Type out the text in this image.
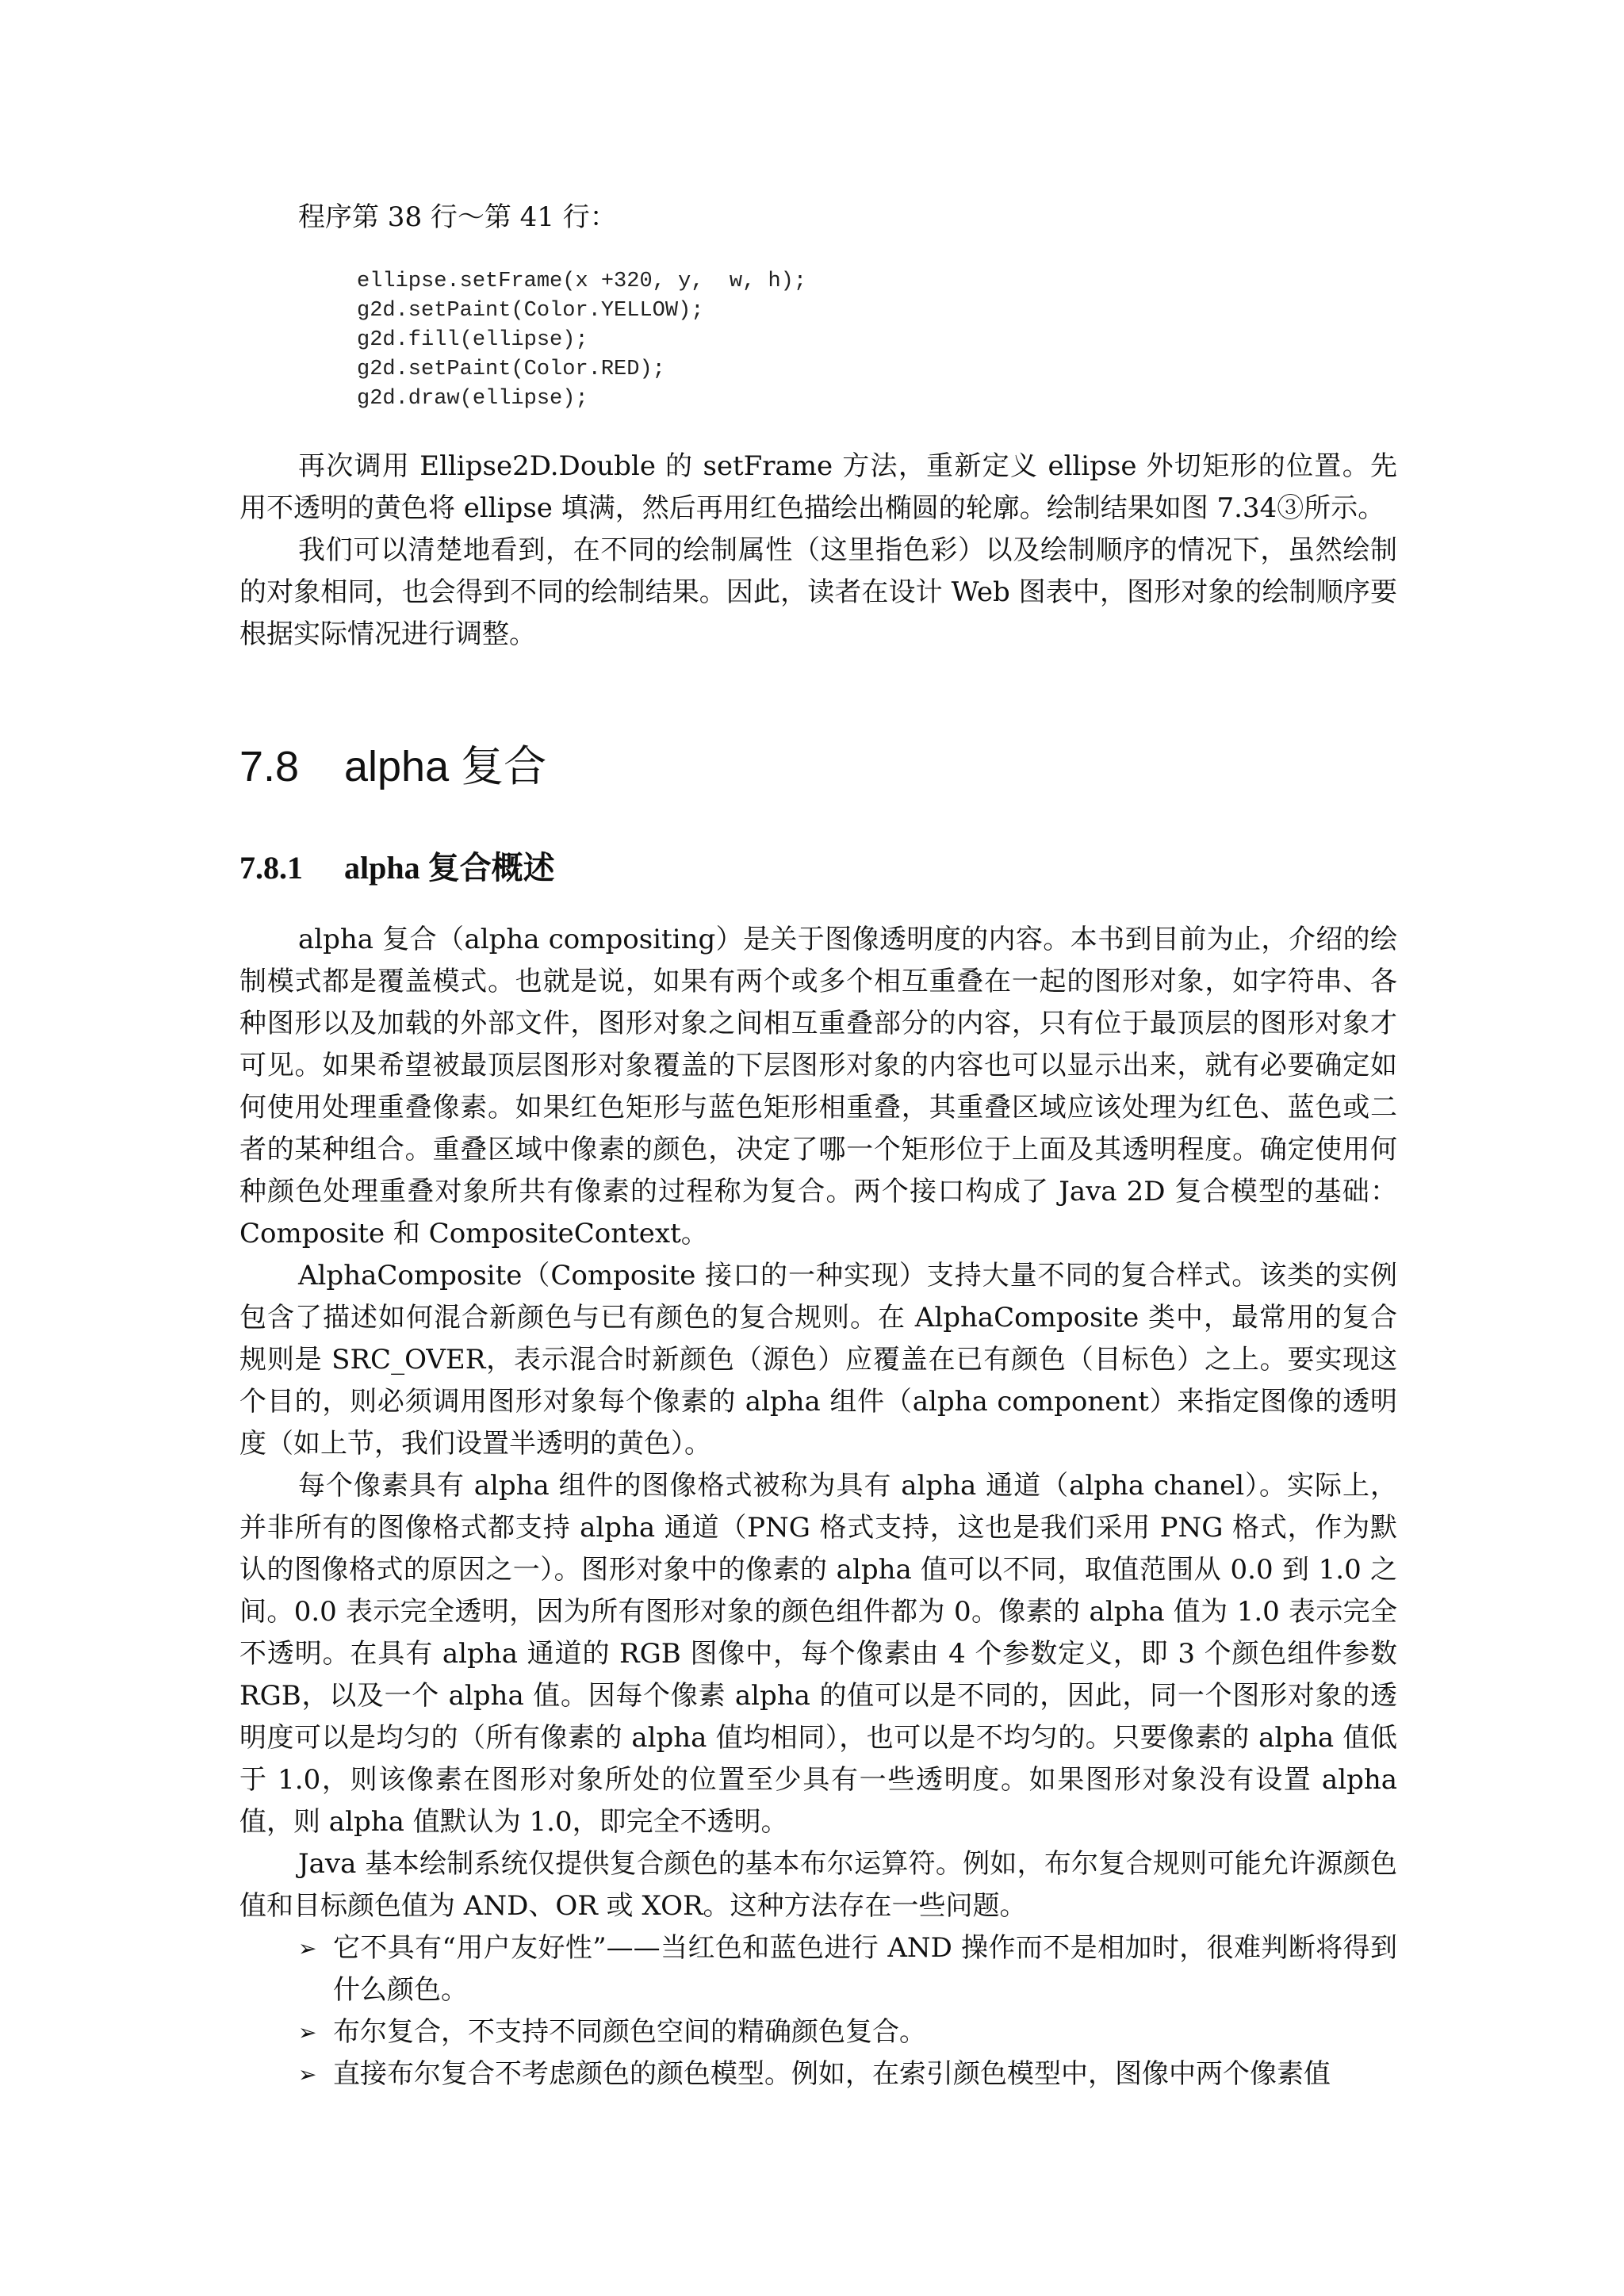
程序第 38 行～第 41 行：

ellipse.setFrame(x +320, y,  w, h);
g2d.setPaint(Color.YELLOW);
g2d.fill(ellipse);
g2d.setPaint(Color.RED);
g2d.draw(ellipse);

再次调用 Ellipse2D.Double 的 setFrame 方法，重新定义 ellipse 外切矩形的位置。先用不透明的黄色将 ellipse 填满，然后再用红色描绘出椭圆的轮廓。绘制结果如图 7.34③所示。

我们可以清楚地看到，在不同的绘制属性（这里指色彩）以及绘制顺序的情况下，虽然绘制的对象相同，也会得到不同的绘制结果。因此，读者在设计 Web 图表中，图形对象的绘制顺序要根据实际情况进行调整。

7.8 alpha 复合
7.8.1 alpha 复合概述

alpha 复合（alpha compositing）是关于图像透明度的内容。本书到目前为止，介绍的绘制模式都是覆盖模式。也就是说，如果有两个或多个相互重叠在一起的图形对象，如字符串、各种图形以及加载的外部文件，图形对象之间相互重叠部分的内容，只有位于最顶层的图形对象才可见。如果希望被最顶层图形对象覆盖的下层图形对象的内容也可以显示出来，就有必要确定如何使用处理重叠像素。如果红色矩形与蓝色矩形相重叠，其重叠区域应该处理为红色、蓝色或二者的某种组合。重叠区域中像素的颜色，决定了哪一个矩形位于上面及其透明程度。确定使用何种颜色处理重叠对象所共有像素的过程称为复合。两个接口构成了 Java 2D 复合模型的基础：Composite 和 CompositeContext。

AlphaComposite（Composite 接口的一种实现）支持大量不同的复合样式。该类的实例包含了描述如何混合新颜色与已有颜色的复合规则。在 AlphaComposite 类中，最常用的复合规则是 SRC_OVER，表示混合时新颜色（源色）应覆盖在已有颜色（目标色）之上。要实现这个目的，则必须调用图形对象每个像素的 alpha 组件（alpha component）来指定图像的透明度（如上节，我们设置半透明的黄色）。

每个像素具有 alpha 组件的图像格式被称为具有 alpha 通道（alpha chanel）。实际上，并非所有的图像格式都支持 alpha 通道（PNG 格式支持，这也是我们采用 PNG 格式，作为默认的图像格式的原因之一）。图形对象中的像素的 alpha 值可以不同，取值范围从 0.0 到 1.0 之间。0.0 表示完全透明，因为所有图形对象的颜色组件都为 0。像素的 alpha 值为 1.0 表示完全不透明。在具有 alpha 通道的 RGB 图像中，每个像素由 4 个参数定义，即 3 个颜色组件参数 RGB，以及一个 alpha 值。因每个像素 alpha 的值可以是不同的，因此，同一个图形对象的透明度可以是均匀的（所有像素的 alpha 值均相同），也可以是不均匀的。只要像素的 alpha 值低于 1.0，则该像素在图形对象所处的位置至少具有一些透明度。如果图形对象没有设置 alpha 值，则 alpha 值默认为 1.0，即完全不透明。

Java 基本绘制系统仅提供复合颜色的基本布尔运算符。例如，布尔复合规则可能允许源颜色值和目标颜色值为 AND、OR 或 XOR。这种方法存在一些问题。

➢ 它不具有“用户友好性”——当红色和蓝色进行 AND 操作而不是相加时，很难判断将得到什么颜色。
➢ 布尔复合，不支持不同颜色空间的精确颜色复合。
➢ 直接布尔复合不考虑颜色的颜色模型。例如，在索引颜色模型中，图像中两个像素值
